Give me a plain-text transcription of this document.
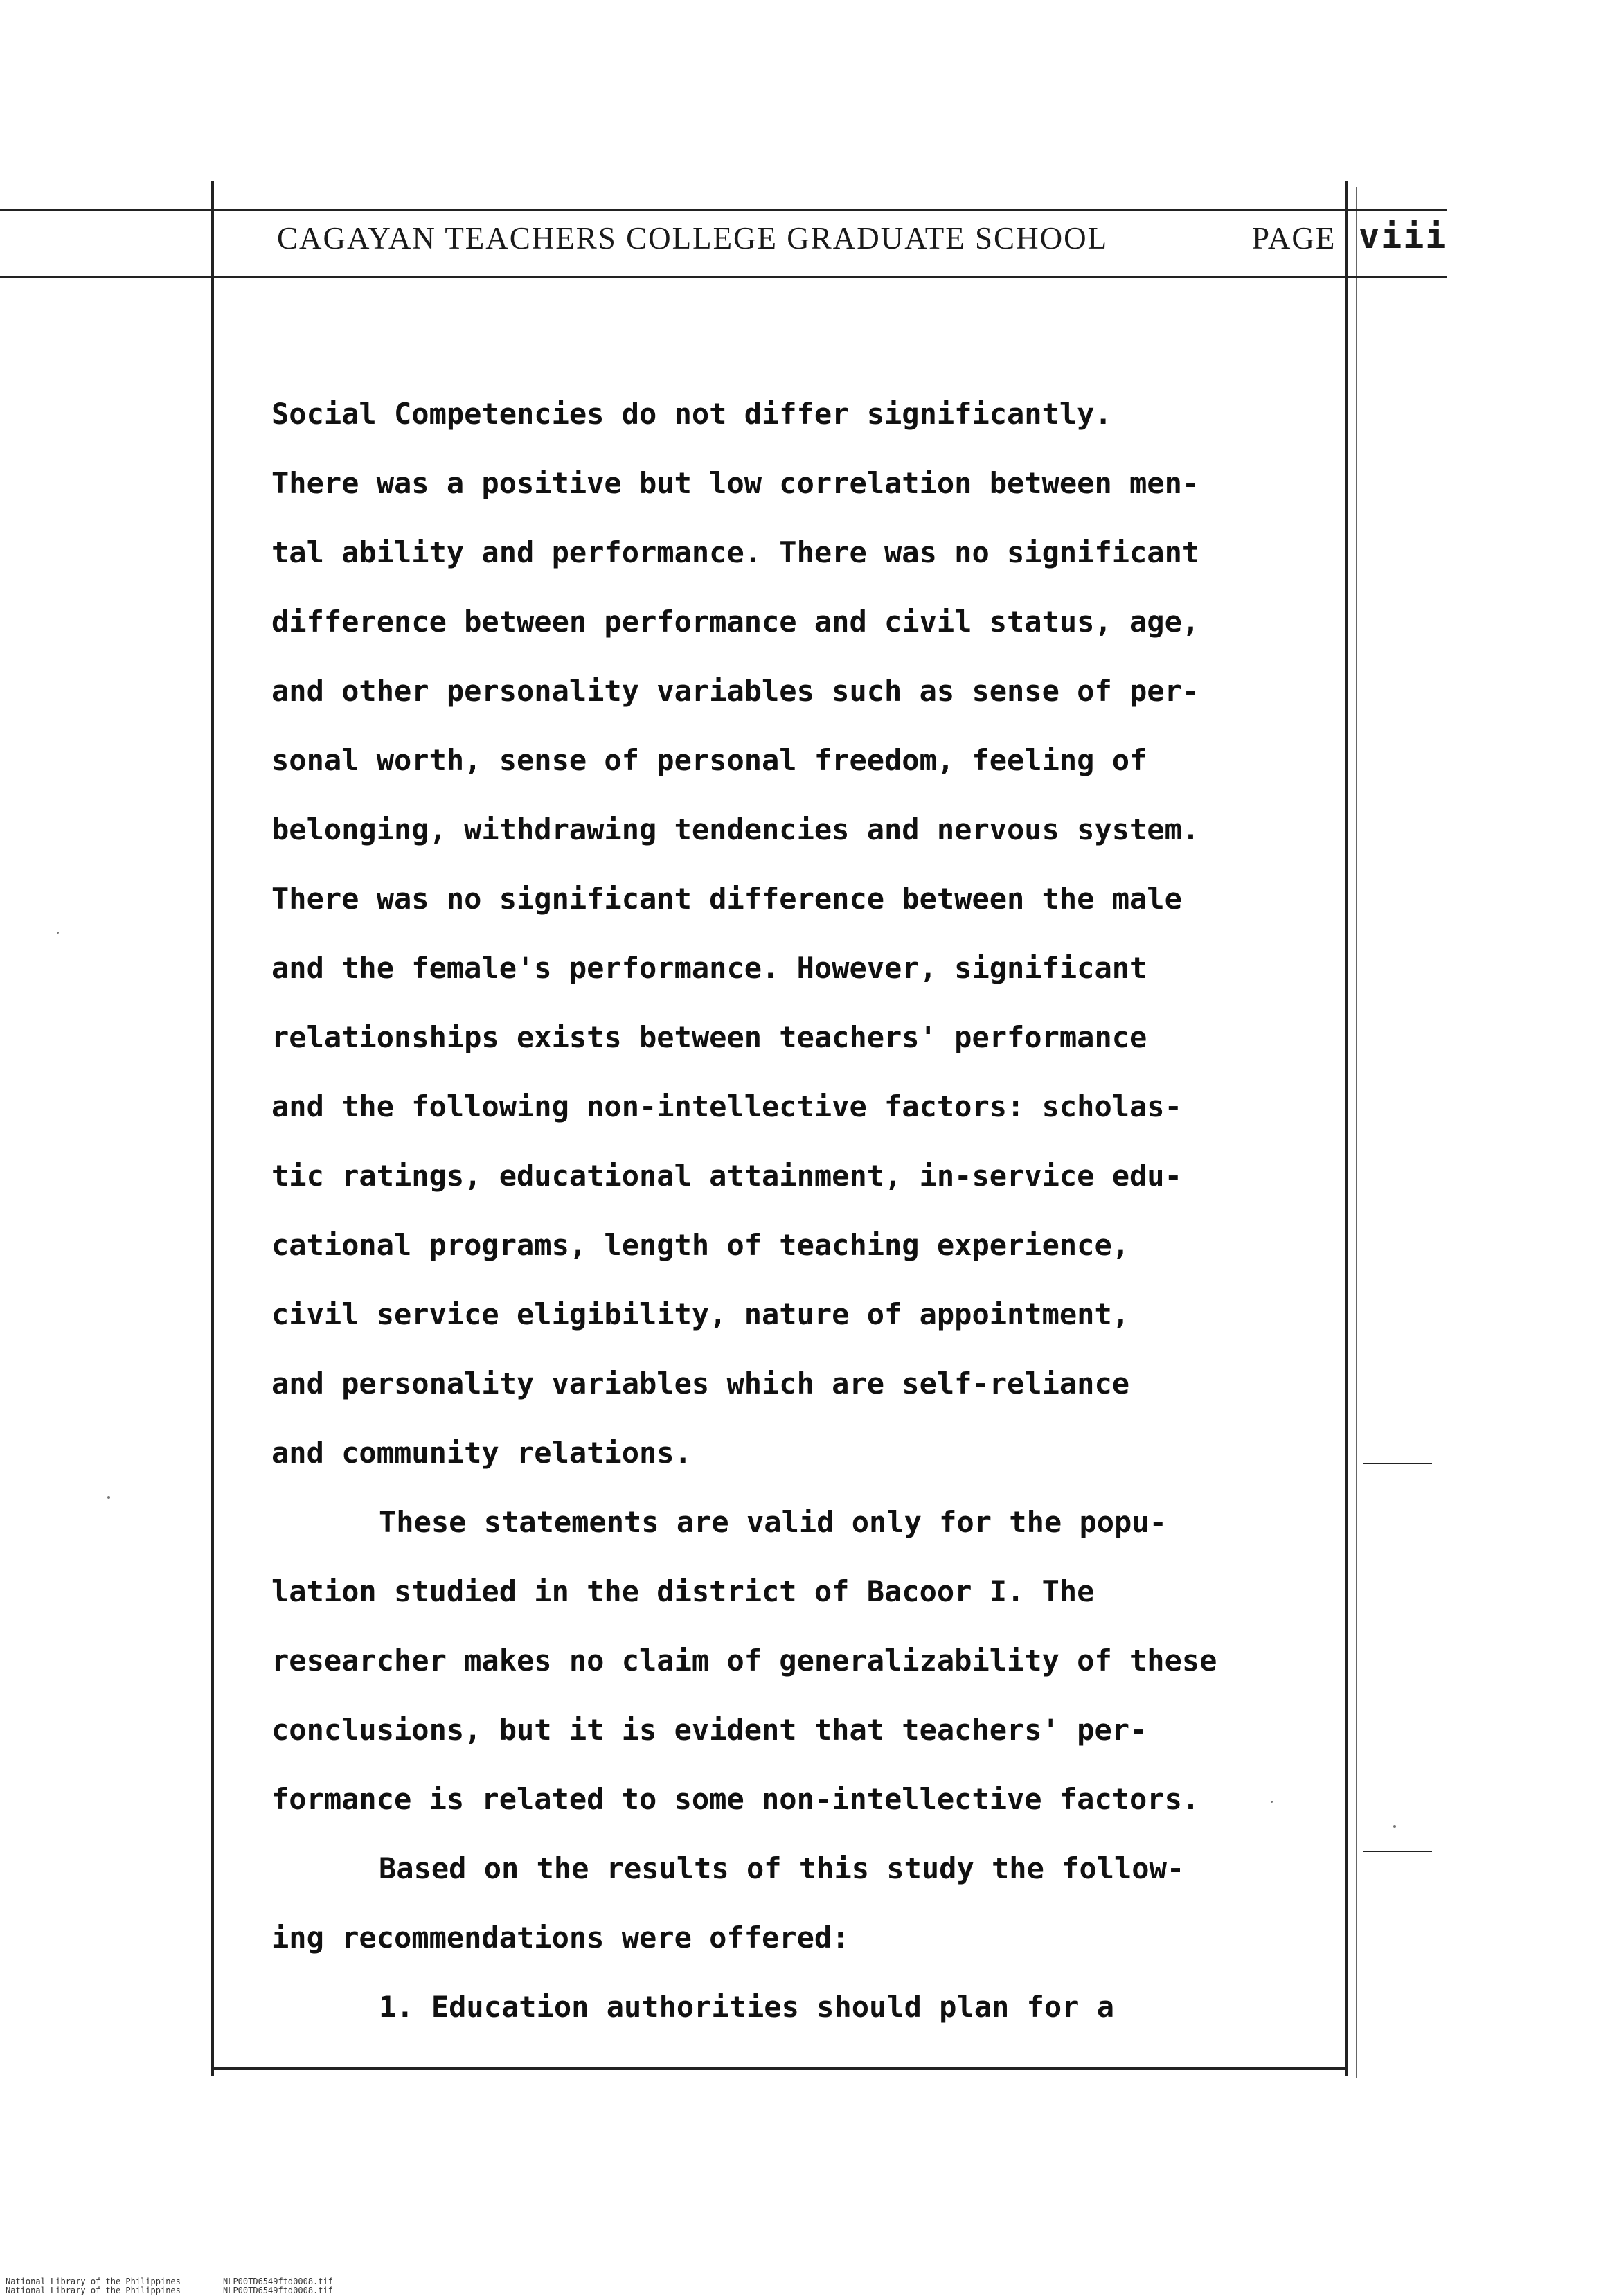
CAGAYAN TEACHERS COLLEGE GRADUATE SCHOOL	PAGE viii
Social Competencies do not differ significantly.
There was a positive but low correlation between men-
tal ability and performance. There was no significant
difference between performance and civil status, age,
and other personality variables such as sense of per-
sonal worth, sense of personal freedom, feeling of
belonging, withdrawing tendencies and nervous system.
There was no significant difference between the male
and the female's performance. However, significant
relationships exists between teachers' performance
and the following non-intellective factors: scholas-
tic ratings, educational attainment, in-service edu-
cational programs, length of teaching experience,
civil service eligibility, nature of appointment,
and personality variables which are self-reliance
and community relations.
These statements are valid only for the popu-
lation studied in the district of Bacoor I. The
researcher makes no claim of generalizability of these
conclusions, but it is evident that teachers' per-
formance is related to some non-intellective factors.
Based on the results of this study the follow-
ing recommendations were offered:
1. Education authorities should plan for a
National Library of the Philippines
National Library of the Philippines
NLP00TD6549ftd0008.tif
NLP00TD6549ftd0008.tif
